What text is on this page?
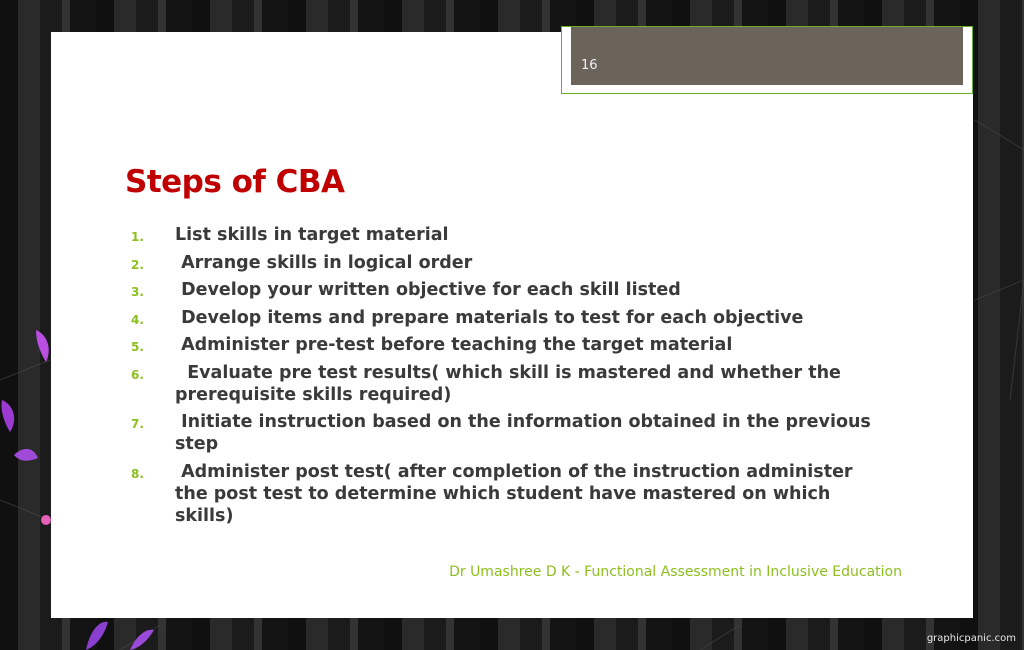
16
Steps of CBA
1. List skills in target material
2. Arrange skills in logical order
3. Develop your written objective for each skill listed
4. Develop items and prepare materials to test for each objective
5. Administer pre-test before teaching the target material
6. Evaluate pre test results( which skill is mastered and whether the prerequisite skills required)
7. Initiate instruction based on the information obtained in the previous step
8. Administer post test( after completion of the instruction administer the post test to determine which student have mastered on which skills)
Dr Umashree D K - Functional Assessment in Inclusive Education
graphicpanic.com
